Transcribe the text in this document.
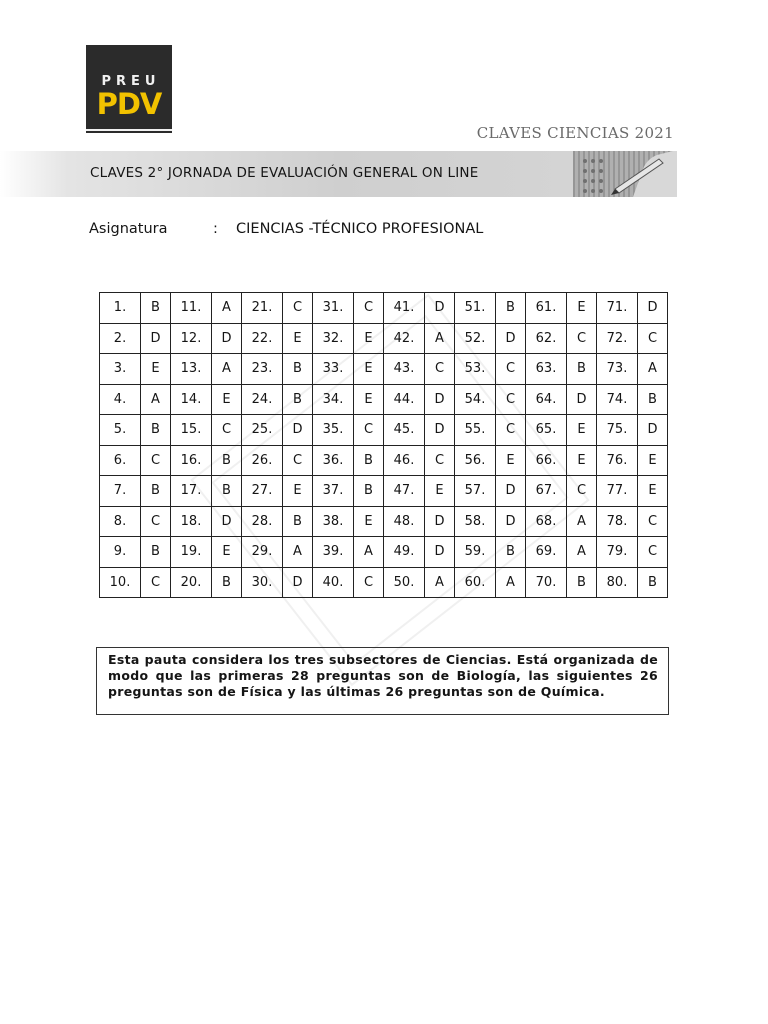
PREU
PDV
CLAVES CIENCIAS 2021
CLAVES 2° JORNADA DE EVALUACIÓN GENERAL ON LINE
Asignatura	: CIENCIAS -TÉCNICO PROFESIONAL
1.	B	11.	A	21.	C	31.	C	41.	D	51.	B	61.	E	71.	D
2.	D	12.	D	22.	E	32.	E	42.	A	52.	D	62.	C	72.	C
3.	E	13.	A	23.	B	33.	E	43.	C	53.	C	63.	B	73.	A
4.	A	14.	E	24.	B	34.	E	44.	D	54.	C	64.	D	74.	B
5.	B	15.	C	25.	D	35.	C	45.	D	55.	C	65.	E	75.	D
6.	C	16.	B	26.	C	36.	B	46.	C	56.	E	66.	E	76.	E
7.	B	17.	B	27.	E	37.	B	47.	E	57.	D	67.	C	77.	E
8.	C	18.	D	28.	B	38.	E	48.	D	58.	D	68.	A	78.	C
9.	B	19.	E	29.	A	39.	A	49.	D	59.	B	69.	A	79.	C
10.	C	20.	B	30.	D	40.	C	50.	A	60.	A	70.	B	80.	B
Esta pauta considera los tres subsectores de Ciencias. Está organizada de modo que las primeras 28 preguntas son de Biología, las siguientes 26 preguntas son de Física y las últimas 26 preguntas son de Química.
